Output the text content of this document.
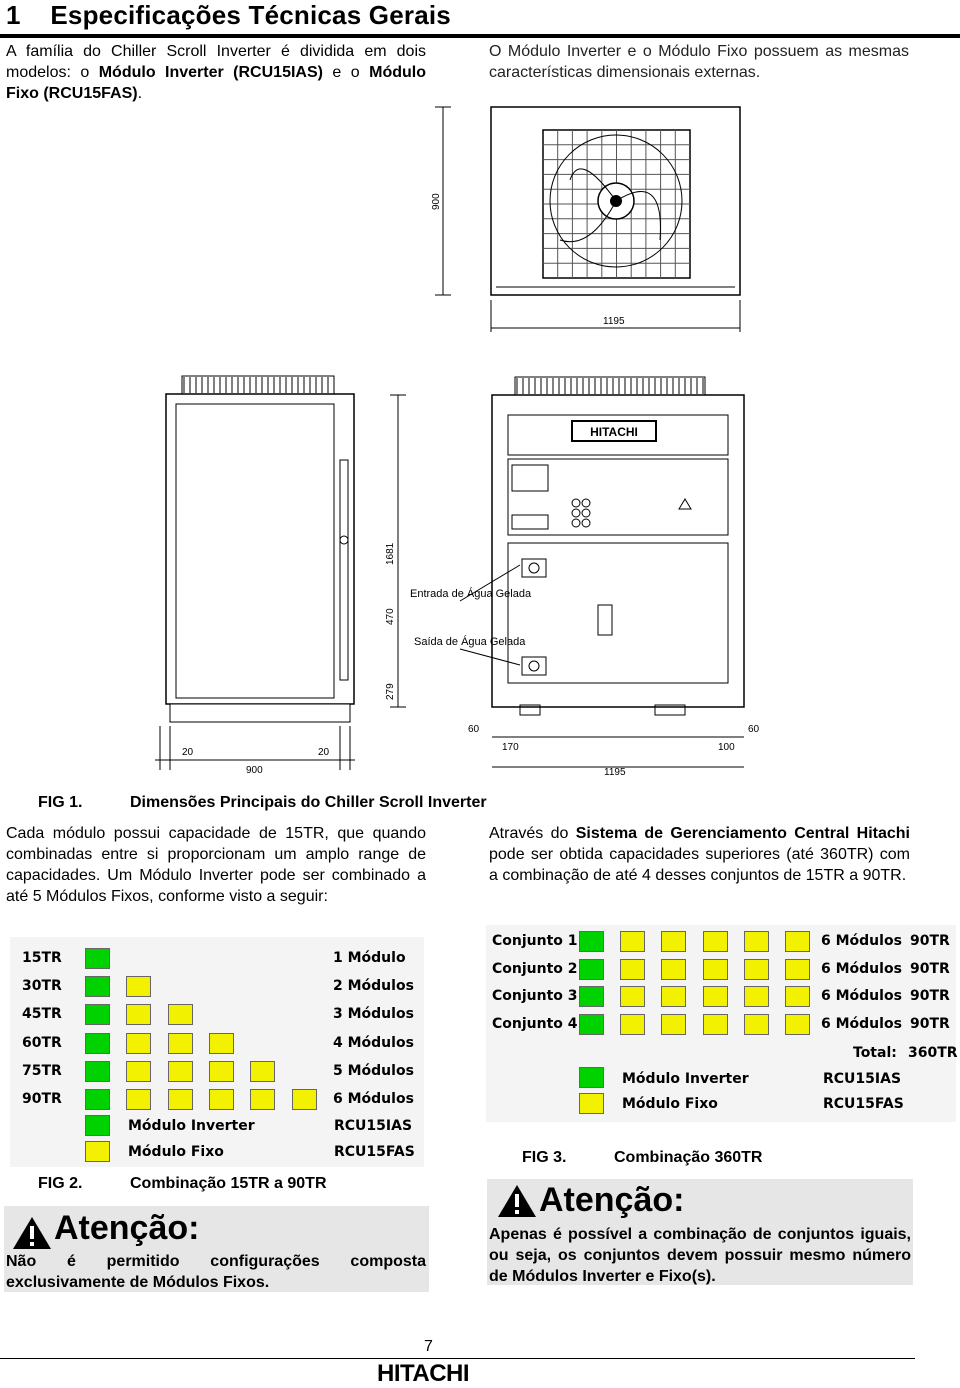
1 Especificações Técnicas Gerais
A família do Chiller Scroll Inverter é dividida em dois modelos: o Módulo Inverter (RCU15IAS) e o Módulo Fixo (RCU15FAS).
O Módulo Inverter e o Módulo Fixo possuem as mesmas características dimensionais externas.
900
1195
20	20
900
HITACHI
1681
470
279
Entrada de Água Gelada
Saída de Água Gelada
60	60
170	100
1195
FIG 1.	Dimensões Principais do Chiller Scroll Inverter
Cada módulo possui capacidade de 15TR, que quando combinadas entre si proporcionam um amplo range de capacidades. Um Módulo Inverter pode ser combinado a até 5 Módulos Fixos, conforme visto a seguir:
Através do Sistema de Gerenciamento Central Hitachi pode ser obtida capacidades superiores (até 360TR) com a combinação de até 4 desses conjuntos de 15TR a 90TR.
15TR	1 Módulo
30TR	2 Módulos
45TR	3 Módulos
60TR	4 Módulos
75TR	5 Módulos
90TR	6 Módulos
Módulo Inverter	RCU15IAS
Módulo Fixo	RCU15FAS
FIG 2.	Combinação 15TR a 90TR
Conjunto 1	6 Módulos 90TR
Conjunto 2	6 Módulos 90TR
Conjunto 3	6 Módulos 90TR
Conjunto 4	6 Módulos 90TR
Total: 360TR
Módulo Inverter	RCU15IAS
Módulo Fixo	RCU15FAS
FIG 3.	Combinação 360TR
Atenção:
Não é permitido configurações composta exclusivamente de Módulos Fixos.
Atenção:
Apenas é possível a combinação de conjuntos iguais, ou seja, os conjuntos devem possuir mesmo número de Módulos Inverter e Fixo(s).
7
HITACHI
